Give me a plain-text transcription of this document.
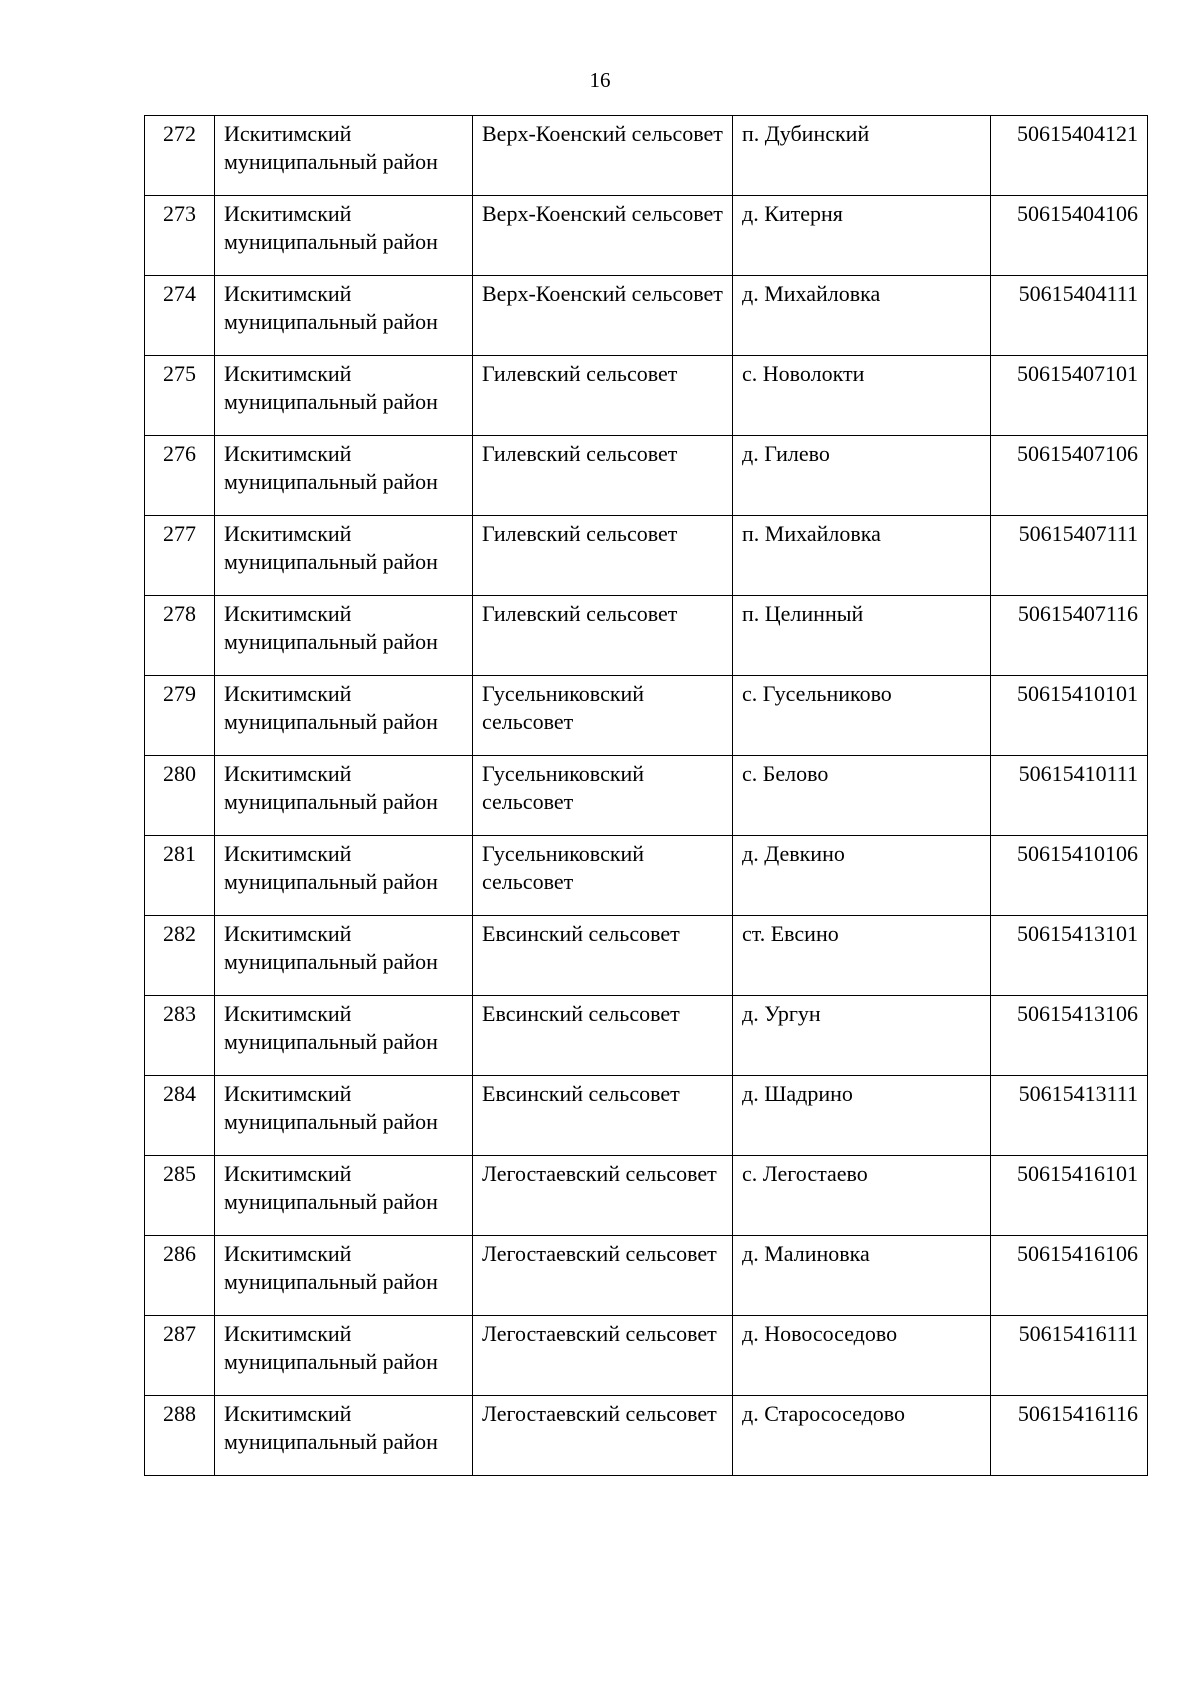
16
272	Искитимский муниципальный район	Верх-Коенский сельсовет	п. Дубинский	50615404121
273	Искитимский муниципальный район	Верх-Коенский сельсовет	д. Китерня	50615404106
274	Искитимский муниципальный район	Верх-Коенский сельсовет	д. Михайловка	50615404111
275	Искитимский муниципальный район	Гилевский сельсовет	с. Новолокти	50615407101
276	Искитимский муниципальный район	Гилевский сельсовет	д. Гилево	50615407106
277	Искитимский муниципальный район	Гилевский сельсовет	п. Михайловка	50615407111
278	Искитимский муниципальный район	Гилевский сельсовет	п. Целинный	50615407116
279	Искитимский муниципальный район	Гусельниковский сельсовет	с. Гусельниково	50615410101
280	Искитимский муниципальный район	Гусельниковский сельсовет	с. Белово	50615410111
281	Искитимский муниципальный район	Гусельниковский сельсовет	д. Девкино	50615410106
282	Искитимский муниципальный район	Евсинский сельсовет	ст. Евсино	50615413101
283	Искитимский муниципальный район	Евсинский сельсовет	д. Ургун	50615413106
284	Искитимский муниципальный район	Евсинский сельсовет	д. Шадрино	50615413111
285	Искитимский муниципальный район	Легостаевский сельсовет	с. Легостаево	50615416101
286	Искитимский муниципальный район	Легостаевский сельсовет	д. Малиновка	50615416106
287	Искитимский муниципальный район	Легостаевский сельсовет	д. Новососедово	50615416111
288	Искитимский муниципальный район	Легостаевский сельсовет	д. Старососедово	50615416116
